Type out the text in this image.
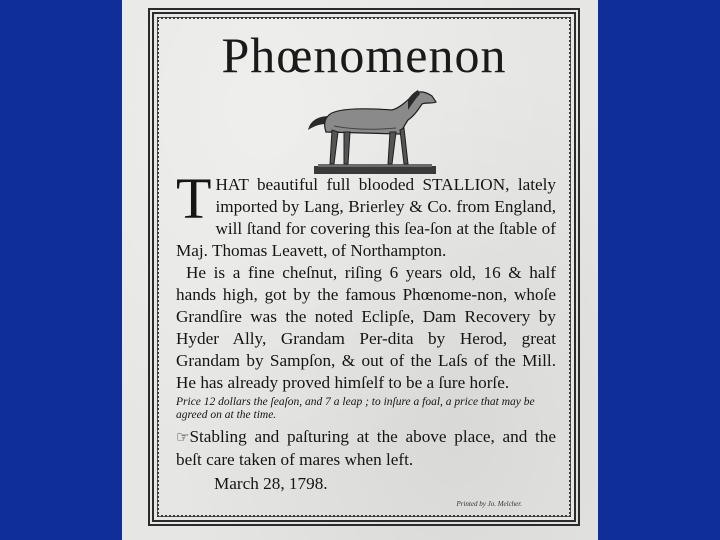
Phœnomenon

THAT beautiful full blooded STALLION, lately imported by Lang, Brierley & Co. from England, will ſtand for covering this ſea-ſon at the ſtable of Maj. Thomas Leavett, of Northampton.

He is a fine cheſnut, riſing 6 years old, 16 & half hands high, got by the famous Phœnome-non, whoſe Grandſire was the noted Eclipſe, Dam Recovery by Hyder Ally, Grandam Per-dita by Herod, great Grandam by Sampſon, & out of the Laſs of the Mill. He has already proved himſelf to be a ſure horſe.

Price 12 dollars the ſeaſon, and 7 a leap ; to inſure a foal, a price that may be agreed on at the time.

☞Stabling and paſturing at the above place, and the beſt care taken of mares when left.

March 28, 1798.

Printed by Jo. Melcher.
